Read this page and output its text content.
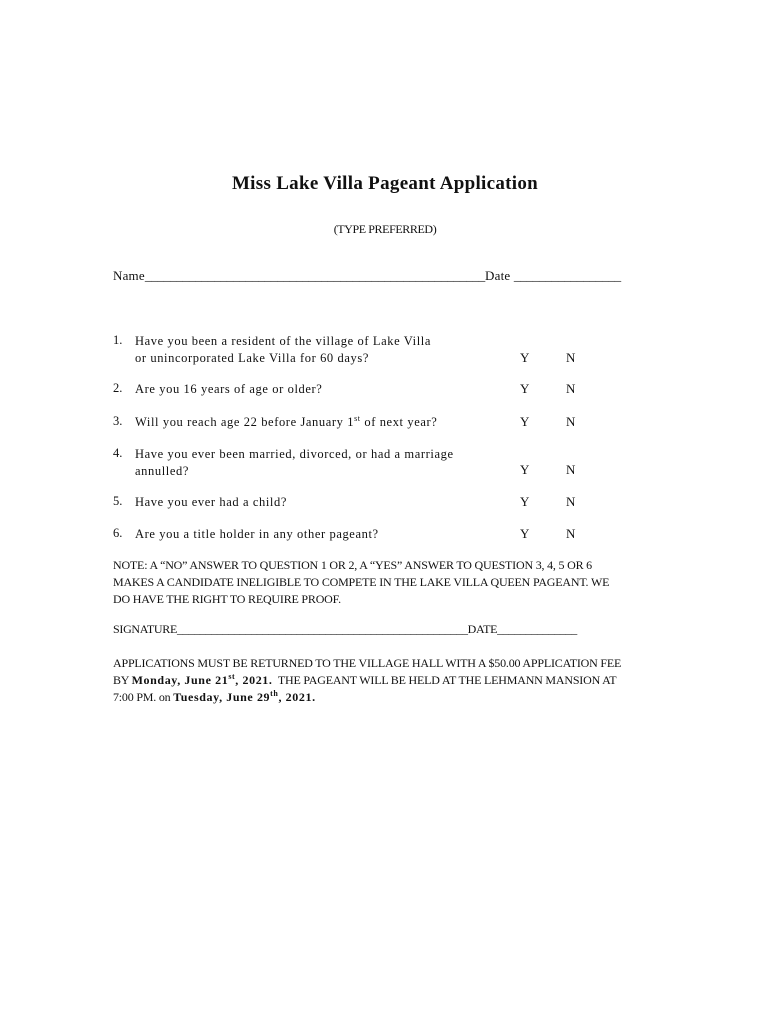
Miss Lake Villa Pageant Application
(TYPE PREFERRED)
Name______________________________________________________Date _________________
1. Have you been a resident of the village of Lake Villa
or unincorporated Lake Villa for 60 days?	Y	N
2. Are you 16 years of age or older?	Y	N
3. Will you reach age 22 before January 1st of next year?	Y	N
4. Have you ever been married, divorced, or had a marriage
annulled?	Y	N
5. Have you ever had a child?	Y	N
6. Are you a title holder in any other pageant?	Y	N
NOTE: A “NO” ANSWER TO QUESTION 1 OR 2, A “YES” ANSWER TO QUESTION 3, 4, 5 OR 6
MAKES A CANDIDATE INELIGIBLE TO COMPETE IN THE LAKE VILLA QUEEN PAGEANT. WE
DO HAVE THE RIGHT TO REQUIRE PROOF.
SIGNATURE___________________________________________________DATE______________
APPLICATIONS MUST BE RETURNED TO THE VILLAGE HALL WITH A $50.00 APPLICATION FEE
BY Monday, June 21st, 2021.  THE PAGEANT WILL BE HELD AT THE LEHMANN MANSION AT
7:00 PM. on Tuesday, June 29th, 2021.
